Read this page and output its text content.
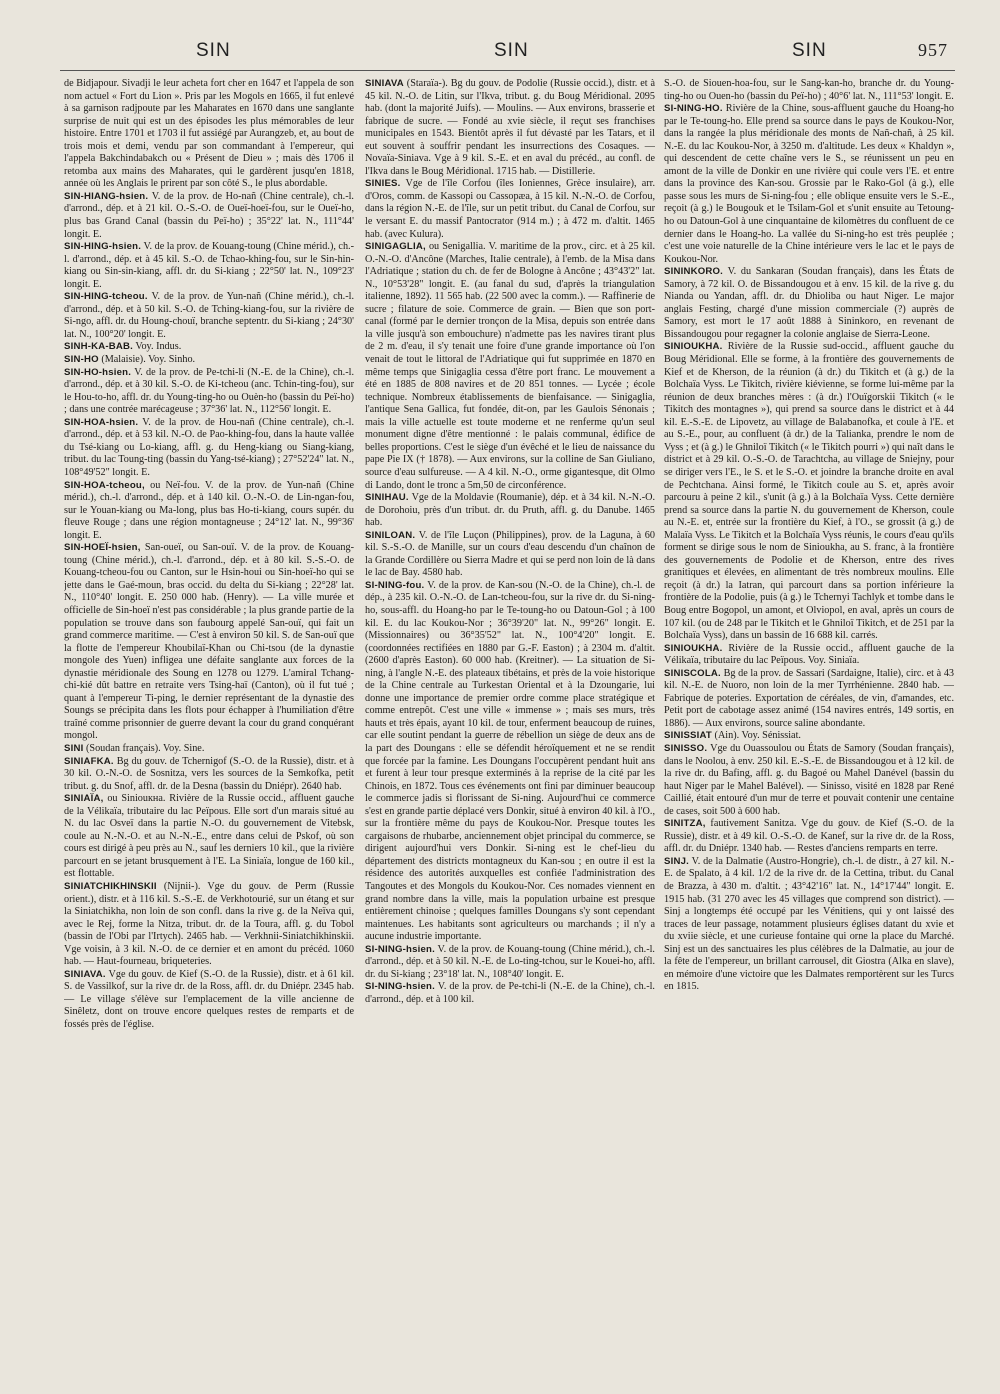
SIN	SIN	SIN	957

de Bidjapour. Sivadji le leur acheta fort cher en 1647 et l'appela de son nom actuel « Fort du Lion ». Pris par les Mogols en 1665, il fut enlevé à sa garnison radjpoute par les Maharates en 1670 dans une sanglante surprise de nuit qui est un des épisodes les plus mémorables de leur histoire. Entre 1701 et 1703 il fut assiégé par Aurangzeb, et, au bout de trois mois et demi, vendu par son commandant à l'empereur, qui l'appela Bakchindabakch ou « Présent de Dieu » ; mais dès 1706 il retomba aux mains des Maharates, qui le gardèrent jusqu'en 1818, année où les Anglais le prirent par son côté S., le plus abordable.

SIN-HIANG-hsien. V. de la prov. de Ho-nañ (Chine centrale), ch.-l. d'arrond., dép. et à 21 kil. O.-S.-O. de Oueï-hoeï-fou, sur le Oueï-ho, plus bas Grand Canal (bassin du Peï-ho) ; 35°22' lat. N., 111°44' longit. E.

SIN-HING-hsien. V. de la prov. de Kouang-toung (Chine mérid.), ch.-l. d'arrond., dép. et à 45 kil. S.-O. de Tchao-khing-fou, sur le Sin-hin-kiang ou Sin-sin-kiang, affl. dr. du Si-kiang ; 22°50' lat. N., 109°23' longit. E.

SIN-HING-tcheou. V. de la prov. de Yun-nañ (Chine mérid.), ch.-l. d'arrond., dép. et à 50 kil. S.-O. de Tching-kiang-fou, sur la rivière de Si-ngo, affl. dr. du Houng-chouï, branche septentr. du Si-kiang ; 24°30' lat. N., 100°20' longit. E.

SINH-KA-BAB. Voy. Indus.

SIN-HO (Malaisie). Voy. Sinho.

SIN-HO-hsien. V. de la prov. de Pe-tchi-li (N.-E. de la Chine), ch.-l. d'arrond., dép. et à 30 kil. S.-O. de Ki-tcheou (anc. Tchin-ting-fou), sur le Hou-to-ho, affl. dr. du Young-ting-ho ou Ouèn-ho (bassin du Peï-ho) ; dans une contrée marécageuse ; 37°36' lat. N., 112°56' longit. E.

SIN-HOA-hsien. V. de la prov. de Hou-nañ (Chine centrale), ch.-l. d'arrond., dép. et à 53 kil. N.-O. de Pao-khing-fou, dans la haute vallée du Tsé-kiang ou Lo-kiang, affl. g. du Heng-kiang ou Siang-kiang, tribut. du lac Toung-ting (bassin du Yang-tsé-kiang) ; 27°52'24" lat. N., 108°49'52" longit. E.

SIN-HOA-tcheou, ou Neï-fou. V. de la prov. de Yun-nañ (Chine mérid.), ch.-l. d'arrond., dép. et à 140 kil. O.-N.-O. de Lin-ngan-fou, sur le Youan-kiang ou Ma-long, plus bas Ho-ti-kiang, cours supér. du fleuve Rouge ; dans une région montagneuse ; 24°12' lat. N., 99°36' longit. E.

SIN-HOEÏ-hsien, San-oueï, ou San-ouï. V. de la prov. de Kouang-toung (Chine mérid.), ch.-l. d'arrond., dép. et à 80 kil. S.-S.-O. de Kouang-tcheou-fou ou Canton, sur le Hsin-houi ou Sin-hoeï-ho qui se jette dans le Gaé-moun, bras occid. du delta du Si-kiang ; 22°28' lat. N., 110°40' longit. E. 250 000 hab. (Henry). — La ville murée et officielle de Sin-hoeï n'est pas considérable ; la plus grande partie de la population se trouve dans son faubourg appelé San-ouï, qui fait un grand commerce maritime. — C'est à environ 50 kil. S. de San-ouï que la flotte de l'empereur Khoubilaï-Khan ou Chi-tsou (de la dynastie mongole des Yuen) infligea une défaite sanglante aux forces de la dynastie méridionale des Soung en 1278 ou 1279. L'amiral Tchang-chi-kié dût battre en retraite vers Tsing-haï (Canton), où il fut tué ; quant à l'empereur Ti-ping, le dernier représentant de la dynastie des Soungs se précipita dans les flots pour échapper à l'humiliation d'être traîné comme prisonnier de guerre devant la cour du grand conquérant mongol.

SINI (Soudan français). Voy. Sine.

SINIAFKA. Bg du gouv. de Tchernigof (S.-O. de la Russie), distr. et à 30 kil. O.-N.-O. de Sosnitza, vers les sources de la Semkofka, petit tribut. g. du Snof, affl. dr. de la Desna (bassin du Dniépr). 2640 hab.

SINIAÏA, ou Siniouкна. Rivière de la Russie occid., affluent gauche de la Vélikaïa, tributaire du lac Peïpous. Elle sort d'un marais situé au N. du lac Osveï dans la partie N.-O. du gouvernement de Vitebsk, coule au N.-N.-O. et au N.-N.-E., entre dans celui de Pskof, où son cours est dirigé à peu près au N., sauf les derniers 10 kil., que la rivière parcourt en se jetant brusquement à l'E. La Siniaïa, longue de 160 kil., est flottable.

SINIATCHIKHINSKII (Nijnii-). Vge du gouv. de Perm (Russie orient.), distr. et à 116 kil. S.-S.-E. de Verkhotourié, sur un étang et sur la Siniatchikha, non loin de son confl. dans la rive g. de la Neïva qui, avec le Rej, forme la Nitza, tribut. dr. de la Toura, affl. g. du Tobol (bassin de l'Obi par l'Irtych). 2465 hab. — Verkhnii-Siniatchikhinskii. Vge voisin, à 3 kil. N.-O. de ce dernier et en amont du précéd. 1060 hab. — Haut-fourneau, briqueteries.

SINIAVA. Vge du gouv. de Kief (S.-O. de la Russie), distr. et à 61 kil. S. de Vassilkof, sur la rive dr. de la Ross, affl. dr. du Dniépr. 2345 hab. — Le village s'élève sur l'emplacement de la ville ancienne de Sinêletz, dont on trouve encore quelques restes de remparts et de fossés près de l'église.

SINIAVA (Staraïa-). Bg du gouv. de Podolie (Russie occid.), distr. et à 45 kil. N.-O. de Litin, sur l'Ikva, tribut. g. du Boug Méridional. 2095 hab. (dont la majorité Juifs). — Moulins. — Aux environs, brasserie et fabrique de sucre. — Fondé au xvie siècle, il reçut ses franchises municipales en 1543. Bientôt après il fut dévasté par les Tatars, et il eut souvent à souffrir pendant les insurrections des Cosaques. — Novaïa-Siniava. Vge à 9 kil. S.-E. et en aval du précéd., au confl. de l'Ikva dans le Boug Méridional. 1715 hab. — Distillerie.

SINIES. Vge de l'île Corfou (îles Ioniennes, Grèce insulaire), arr. d'Oros, comm. de Kassopi ou Cassopæa, à 15 kil. N.-N.-O. de Corfou, dans la région N.-E. de l'île, sur un petit tribut. du Canal de Corfou, sur le versant E. du massif Pantocrator (914 m.) ; à 472 m. d'altit. 1465 hab. (avec Kulura).

SINIGAGLIA, ou Senigallia. V. maritime de la prov., circ. et à 25 kil. O.-N.-O. d'Ancône (Marches, Italie centrale), à l'emb. de la Misa dans l'Adriatique ; station du ch. de fer de Bologne à Ancône ; 43°43'2" lat. N., 10°53'28" longit. E. (au fanal du sud, d'après la triangulation italienne, 1892). 11 565 hab. (22 500 avec la comm.). — Raffinerie de sucre ; filature de soie. Commerce de grain. — Bien que son port-canal (formé par le dernier tronçon de la Misa, depuis son entrée dans la ville jusqu'à son embouchure) n'admette pas les navires tirant plus de 2 m. d'eau, il s'y tenait une foire d'une grande importance où l'on venait de tout le littoral de l'Adriatique qui fut supprimée en 1870 en même temps que Sinigaglia cessa d'être port franc. Le mouvement a été en 1885 de 808 navires et de 20 851 tonnes. — Lycée ; école technique. Nombreux établissements de bienfaisance. — Sinigaglia, l'antique Sena Gallica, fut fondée, dit-on, par les Gaulois Sénonais ; mais la ville actuelle est toute moderne et ne renferme qu'un seul monument digne d'être mentionné : le palais communal, édifice de belles proportions. C'est le siège d'un évêché et le lieu de naissance du pape Pie IX († 1878). — Aux environs, sur la colline de San Giuliano, source d'eau sulfureuse. — A 4 kil. N.-O., orme gigantesque, dit Olmo di Lando, dont le tronc a 5m,50 de circonférence.

SINIHAU. Vge de la Moldavie (Roumanie), dép. et à 34 kil. N.-N.-O. de Dorohoiu, près d'un tribut. dr. du Pruth, affl. g. du Danube. 1465 hab.

SINILOAN. V. de l'île Luçon (Philippines), prov. de la Laguna, à 60 kil. S.-S.-O. de Manille, sur un cours d'eau descendu d'un chaînon de la Grande Cordillère ou Sierra Madre et qui se perd non loin de là dans le lac de Bay. 4580 hab.

SI-NING-fou. V. de la prov. de Kan-sou (N.-O. de la Chine), ch.-l. de dép., à 235 kil. O.-N.-O. de Lan-tcheou-fou, sur la rive dr. du Si-ning-ho, sous-affl. du Hoang-ho par le Te-toung-ho ou Datoun-Gol ; à 100 kil. E. du lac Koukou-Nor ; 36°39'20" lat. N., 99°26" longit. E. (Missionnaires) ou 36°35'52" lat. N., 100°4'20" longit. E. (coordonnées rectifiées en 1880 par G.-F. Easton) ; à 2304 m. d'altit. (2600 d'après Easton). 60 000 hab. (Kreitner). — La situation de Si-ning, à l'angle N.-E. des plateaux tibétains, et près de la voie historique de la Chine centrale au Turkestan Oriental et à la Dzoungarie, lui donne une importance de premier ordre comme place stratégique et comme entrepôt. C'est une ville « immense » ; mais ses murs, très hauts et très épais, ayant 10 kil. de tour, enferment beaucoup de ruines, car elle soutint pendant la guerre de rébellion un siège de deux ans de la part des Doungans : elle se défendit héroïquement et ne se rendit que forcée par la famine. Les Doungans l'occupèrent pendant huit ans et furent à leur tour presque exterminés à la reprise de la cité par les Chinois, en 1872. Tous ces événements ont fini par diminuer beaucoup le commerce jadis si florissant de Si-ning. Aujourd'hui ce commerce s'est en grande partie déplacé vers Donkir, situé à environ 40 kil. à l'O., sur la frontière même du pays de Koukou-Nor. Presque toutes les cargaisons de rhubarbe, anciennement objet principal du commerce, se dirigent aujourd'hui vers Donkir. Si-ning est le chef-lieu du département des districts montagneux du Kan-sou ; en outre il est la résidence des autorités auxquelles est confiée l'administration des Tangoutes et des Mongols du Koukou-Nor. Ces nomades viennent en grand nombre dans la ville, mais la population urbaine est presque entièrement chinoise ; quelques familles Doungans s'y sont cependant maintenues. Les habitants sont agriculteurs ou marchands ; il n'y a aucune industrie importante.

SI-NING-hsien. V. de la prov. de Kouang-toung (Chine mérid.), ch.-l. d'arrond., dép. et à 50 kil. N.-E. de Lo-ting-tchou, sur le Kouei-ho, affl. dr. du Si-kiang ; 23°18' lat. N., 108°40' longit. E.

SI-NING-hsien. V. de la prov. de Pe-tchi-li (N.-E. de la Chine), ch.-l. d'arrond., dép. et à 100 kil.

S.-O. de Siouen-hoa-fou, sur le Sang-kan-ho, branche dr. du Young-ting-ho ou Ouen-ho (bassin du Peï-ho) ; 40°6' lat. N., 111°53' longit. E.

SI-NING-HO. Rivière de la Chine, sous-affluent gauche du Hoang-ho par le Te-toung-ho. Elle prend sa source dans le pays de Koukou-Nor, dans la rangée la plus méridionale des monts de Nañ-chañ, à 25 kil. N.-E. du lac Koukou-Nor, à 3250 m. d'altitude. Les deux « Khaldyn », qui descendent de cette chaîne vers le S., se réunissent un peu en amont de la ville de Donkir en une rivière qui coule vers l'E. et entre dans la province des Kan-sou. Grossie par le Rako-Gol (à g.), elle passe sous les murs de Si-ning-fou ; elle oblique ensuite vers le S.-E., reçoit (à g.) le Bougouk et le Tsilam-Gol et s'unit ensuite au Tetoung-ho ou Datoun-Gol à une cinquantaine de kilomètres du confluent de ce dernier dans le Hoang-ho. La vallée du Si-ning-ho est très peuplée ; c'est une voie naturelle de la Chine intérieure vers le lac et le pays de Koukou-Nor.

SININKORO. V. du Sankaran (Soudan français), dans les États de Samory, à 72 kil. O. de Bissandougou et à env. 15 kil. de la rive g. du Nianda ou Yandan, affl. dr. du Dhioliba ou haut Niger. Le major anglais Festing, chargé d'une mission commerciale (?) auprès de Samory, est mort le 17 août 1888 à Sininkoro, en revenant de Bissandougou pour regagner la colonie anglaise de Sierra-Leone.

SINIOUKHA. Rivière de la Russie sud-occid., affluent gauche du Boug Méridional. Elle se forme, à la frontière des gouvernements de Kief et de Kherson, de la réunion (à dr.) du Tikitch et (à g.) de la Bolchaïa Vyss. Le Tikitch, rivière kiévienne, se forme lui-même par la réunion de deux branches mères : (à dr.) l'Ouïgorskii Tikitch (« le Tikitch des montagnes »), qui prend sa source dans le district et à 44 kil. E.-S.-E. de Lipovetz, au village de Balabanofka, et coule à l'E. et au S.-E., pour, au confluent (à dr.) de la Talianka, prendre le nom de Vyss ; et (à g.) le Ghniloï Tikitch (« le Tikitch pourri ») qui naît dans le district et à 29 kil. O.-S.-O. de Tarachtcha, au village de Sniejny, pour se diriger vers l'E., le S. et le S.-O. et joindre la branche droite en aval de Pechtchana. Ainsi formé, le Tikitch coule au S. et, après avoir parcouru à peine 2 kil., s'unit (à g.) à la Bolchaïa Vyss. Cette dernière prend sa source dans la partie N. du gouvernement de Kherson, coule au N.-E. et, entrée sur la frontière du Kief, à l'O., se grossit (à g.) de Malaïa Vyss. Le Tikitch et la Bolchaïa Vyss réunis, le cours d'eau qu'ils forment se dirige sous le nom de Sinioukha, au S. franc, à la frontière des gouvernements de Podolie et de Kherson, entre des rives granitiques et élevées, en alimentant de très nombreux moulins. Elle reçoit (à dr.) la Iatran, qui parcourt dans sa portion inférieure la frontière de la Podolie, puis (à g.) le Tchernyi Tachlyk et tombe dans le Boug entre Bogopol, un amont, et Olviopol, en aval, après un cours de 107 kil. (ou de 248 par le Tikitch et le Ghniloï Tikitch, et de 251 par la Bolchaïa Vyss), dans un bassin de 16 688 kil. carrés.

SINIOUKHA. Rivière de la Russie occid., affluent gauche de la Vélikaïa, tributaire du lac Peïpous. Voy. Siniaïa.

SINISCOLA. Bg de la prov. de Sassari (Sardaigne, Italie), circ. et à 43 kil. N.-E. de Nuoro, non loin de la mer Tyrrhénienne. 2840 hab. — Fabrique de poteries. Exportation de céréales, de vin, d'amandes, etc. Petit port de cabotage assez animé (154 navires entrés, 149 sortis, en 1886). — Aux environs, source saline abondante.

SINISSIAT (Ain). Voy. Sénissiat.

SINISSO. Vge du Ouassoulou ou États de Samory (Soudan français), dans le Noolou, à env. 250 kil. E.-S.-E. de Bissandougou et à 12 kil. de la rive dr. du Bafing, affl. g. du Bagoé ou Mahel Danével (bassin du haut Niger par le Mahel Balével). — Sinisso, visité en 1828 par René Caillié, était entouré d'un mur de terre et pouvait contenir une centaine de cases, soit 500 à 600 hab.

SINITZA, fautivement Sanitza. Vge du gouv. de Kief (S.-O. de la Russie), distr. et à 49 kil. O.-S.-O. de Kanef, sur la rive dr. de la Ross, affl. dr. du Dniépr. 1340 hab. — Restes d'anciens remparts en terre.

SINJ. V. de la Dalmatie (Austro-Hongrie), ch.-l. de distr., à 27 kil. N.-E. de Spalato, à 4 kil. 1/2 de la rive dr. de la Cettina, tribut. du Canal de Brazza, à 430 m. d'altit. ; 43°42'16" lat. N., 14°17'44" longit. E. 1915 hab. (31 270 avec les 45 villages que comprend son district). — Sinj a longtemps été occupé par les Vénitiens, qui y ont laissé des traces de leur passage, notamment plusieurs églises datant du xvie et du xviie siècle, et une curieuse fontaine qui orne la place du Marché. Sinj est un des sanctuaires les plus célèbres de la Dalmatie, au jour de la fête de l'empereur, un brillant carrousel, dit Giostra (Alka en slave), en mémoire d'une victoire que les Dalmates remportèrent sur les Turcs en 1815.
